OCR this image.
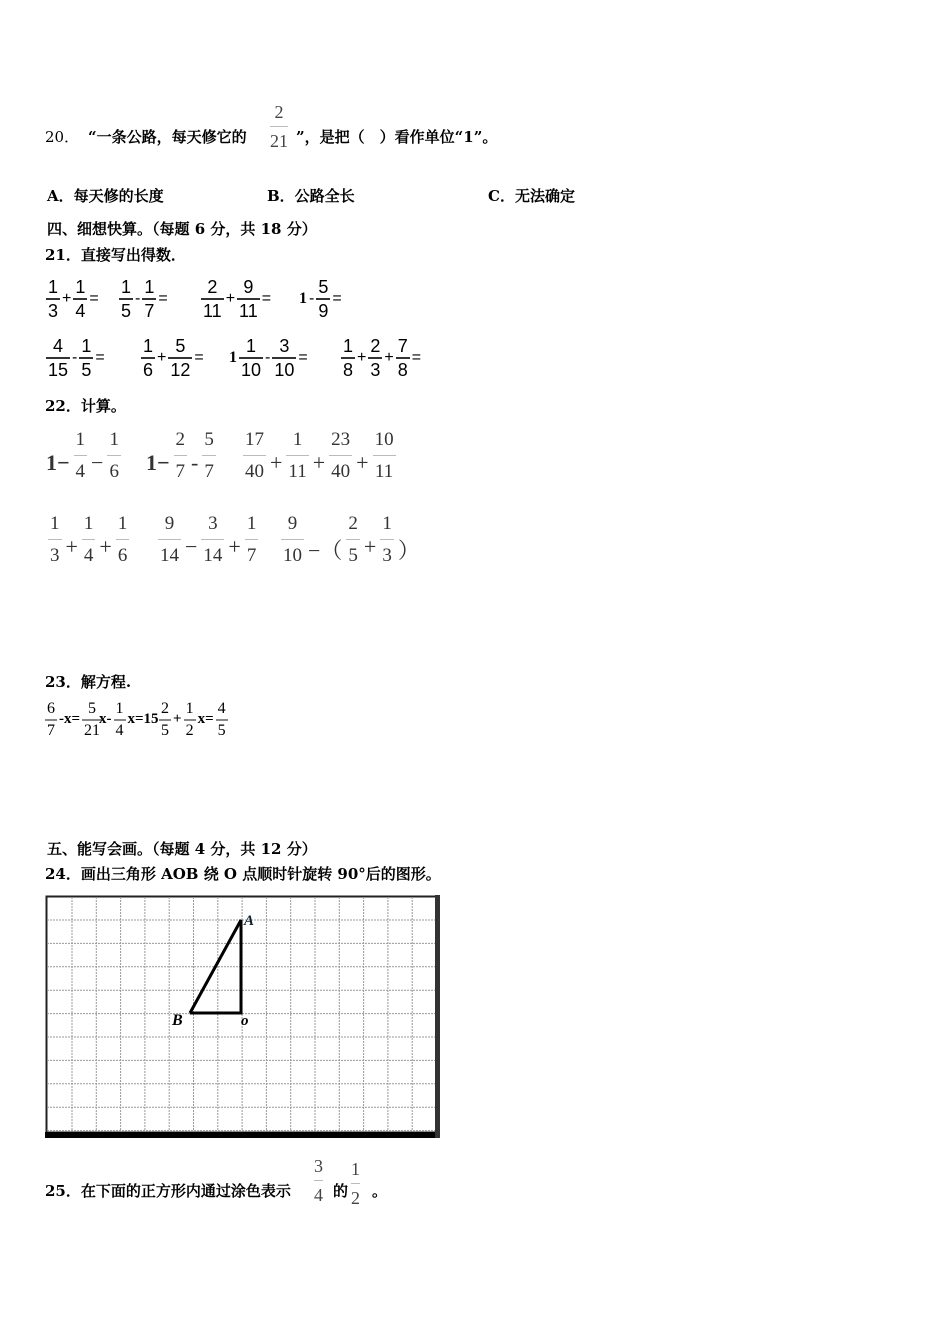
20． “一条公路，每天修它的
2
21 ”，是把（　）看作单位“1”。
A．每天修的长度	B．公路全长	C．无法确定
四、细想快算。（每题 6 分，共 18 分）
21．直接写出得数．
$\frac{1}{3} + \frac{1}{4} = \frac{1}{5} - \frac{1}{7} = \frac{2}{11} + \frac{9}{11} = 1 - \frac{5}{9}$ =
$\frac{4}{15} - \frac{1}{5} = \frac{1}{6} + \frac{5}{12} = 1 \frac{1}{10} - \frac{3}{10} = \frac{1}{8} + \frac{2}{3} + \frac{7}{8}$ =
22．计算。
$1- \frac{1}{4} - \frac{1}{6} 1- \frac{2}{7} - \frac{5}{7} \frac{17}{40} + \frac{1}{11} + \frac{23}{40} + \frac{10}{11}$
$\frac{1}{3} + \frac{1}{4} + \frac{1}{6} \frac{9}{14} - \frac{3}{14} + \frac{1}{7} \frac{9}{10}$ −（ $\frac{2}{5} + \frac{1}{3}$ ）
23．解方程.
$\frac{6}{7} -x= \frac{5}{21}$
$x- \frac{1}{4} x=15 \frac{2}{5} + \frac{1}{2} x= \frac{4}{5}$
五、能写会画。（每题 4 分，共 12 分）
24．画出三角形 AOB 绕 O 点顺时针旋转 90°后的图形。
A
B	o
25．在下面的正方形内通过涂色表示
3
4 的
1
2 。
